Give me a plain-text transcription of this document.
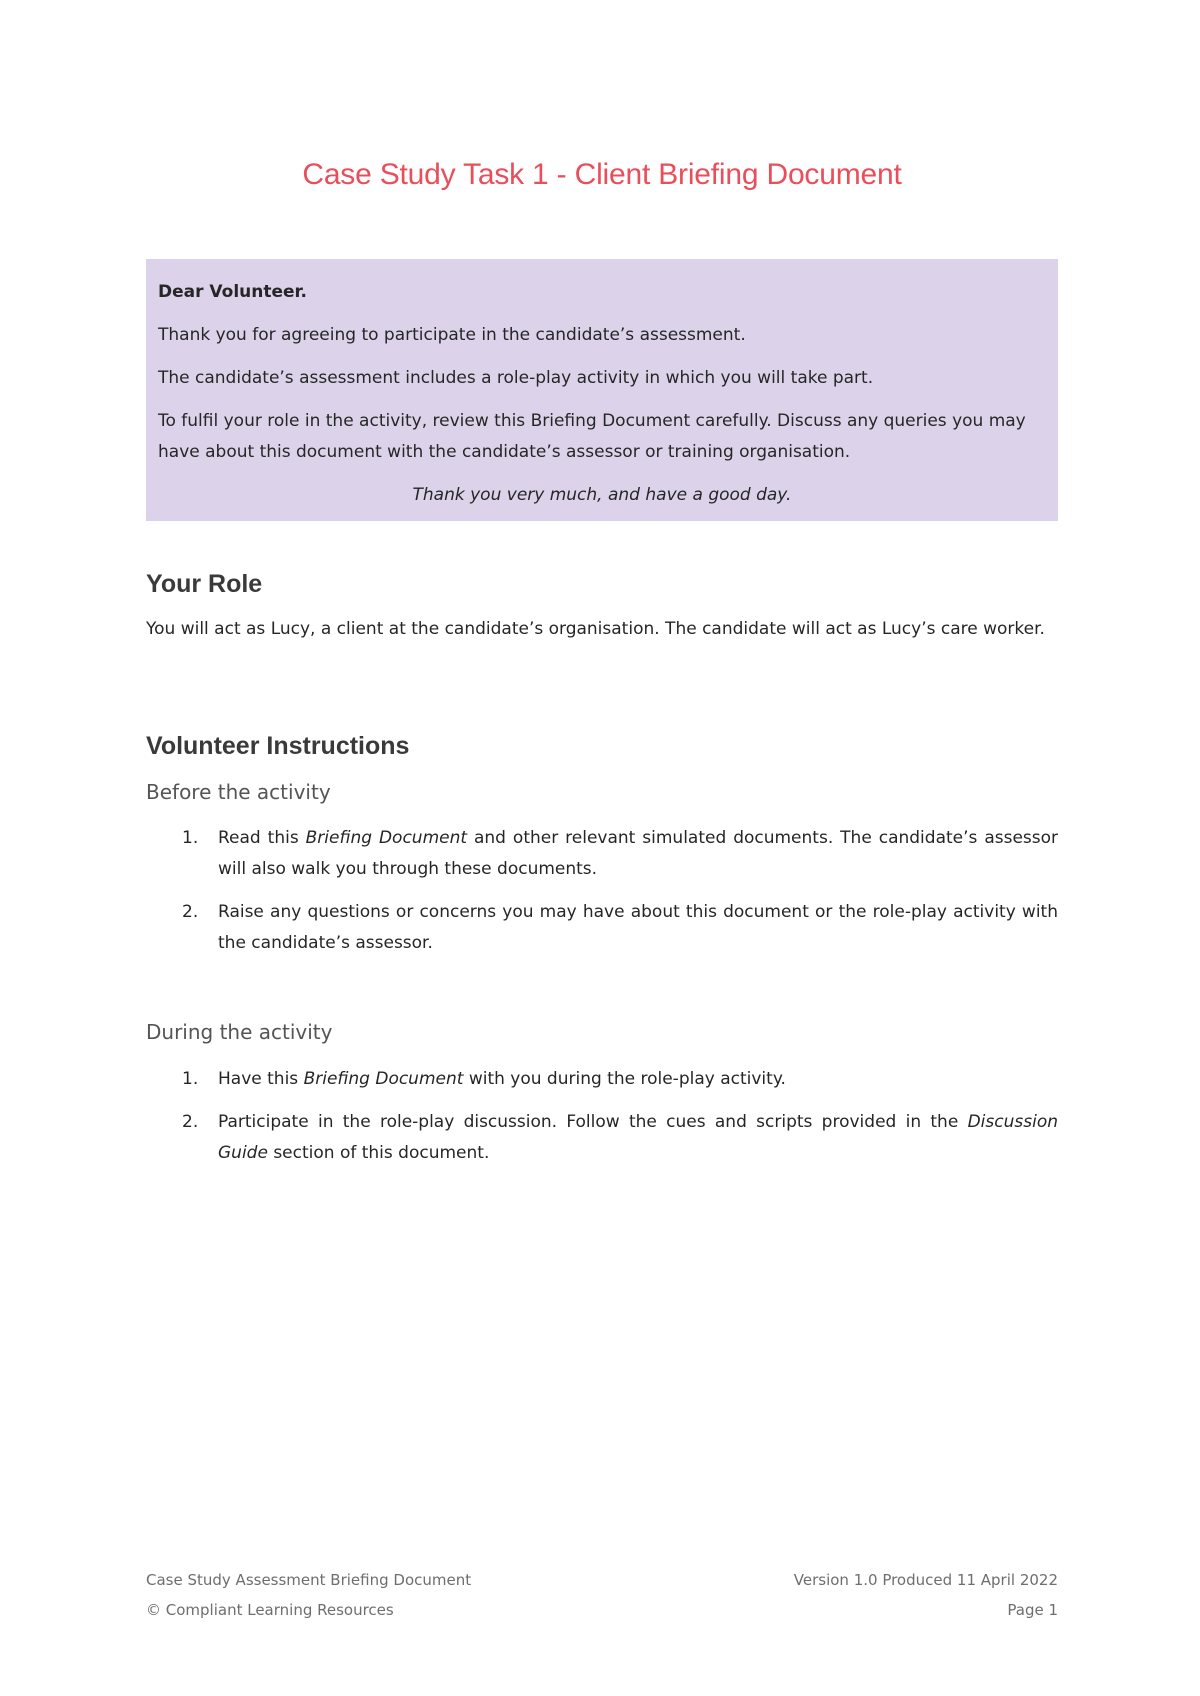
Case Study Task 1 - Client Briefing Document

Dear Volunteer.

Thank you for agreeing to participate in the candidate’s assessment.

The candidate’s assessment includes a role-play activity in which you will take part.

To fulfil your role in the activity, review this Briefing Document carefully. Discuss any queries you may have about this document with the candidate’s assessor or training organisation.

Thank you very much, and have a good day.

Your Role

You will act as Lucy, a client at the candidate’s organisation. The candidate will act as Lucy’s care worker.

Volunteer Instructions
Before the activity
1. Read this Briefing Document and other relevant simulated documents. The candidate’s assessor will also walk you through these documents.
2. Raise any questions or concerns you may have about this document or the role-play activity with the candidate’s assessor.
During the activity
1. Have this Briefing Document with you during the role-play activity.
2. Participate in the role-play discussion. Follow the cues and scripts provided in the Discussion Guide section of this document.
Case Study Assessment Briefing Document	Version 1.0 Produced 11 April 2022
© Compliant Learning Resources	Page 1
